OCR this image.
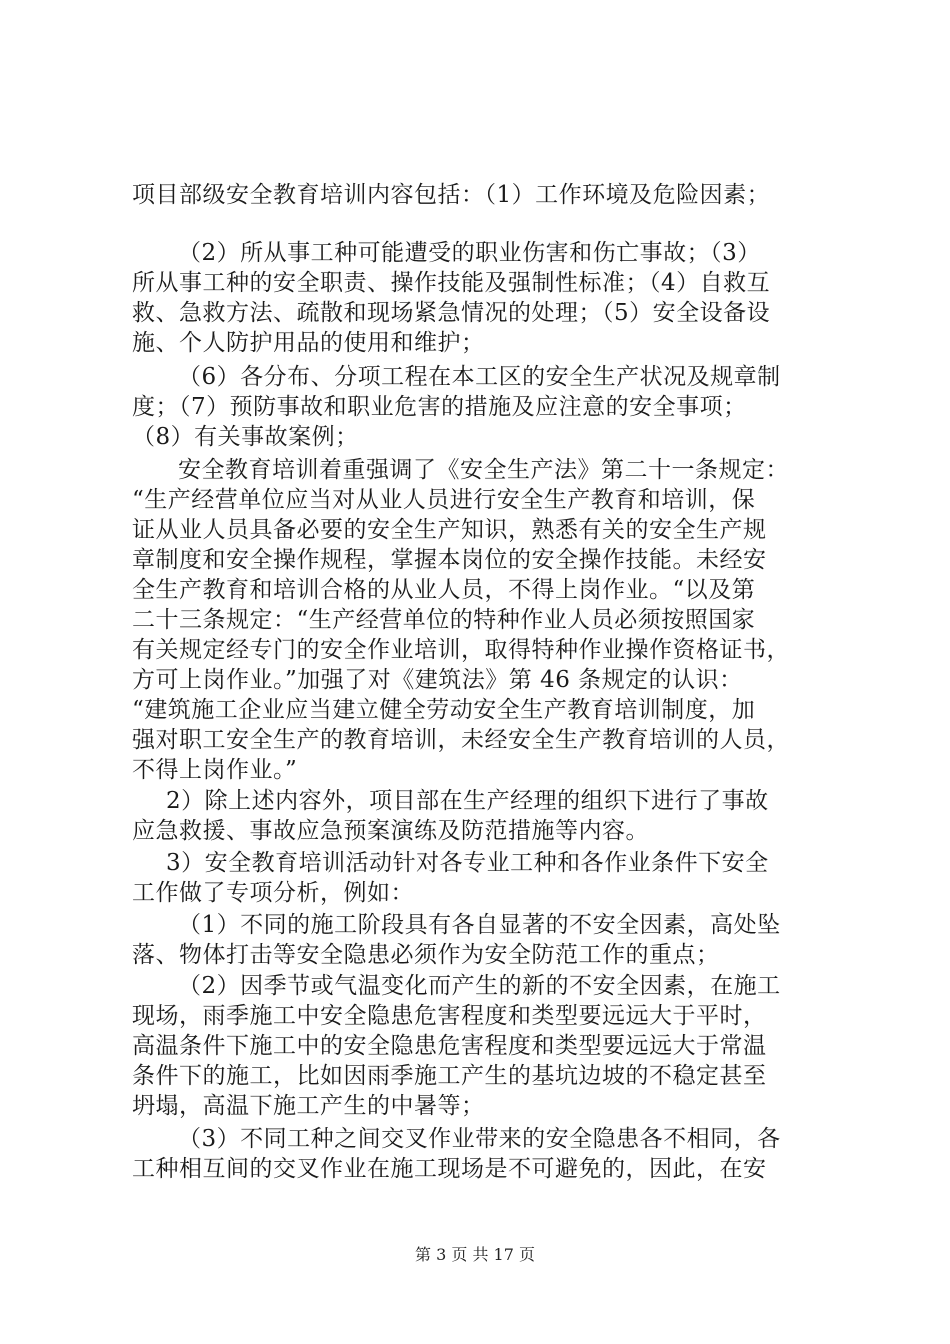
项目部级安全教育培训内容包括：（1）工作环境及危险因素；
（2）所从事工种可能遭受的职业伤害和伤亡事故；（3）
所从事工种的安全职责、操作技能及强制性标准；（4）自救互
救、急救方法、疏散和现场紧急情况的处理；（5）安全设备设
施、个人防护用品的使用和维护；
（6）各分布、分项工程在本工区的安全生产状况及规章制
度；（7）预防事故和职业危害的措施及应注意的安全事项；
（8）有关事故案例；
安全教育培训着重强调了《安全生产法》第二十一条规定：
“生产经营单位应当对从业人员进行安全生产教育和培训，保
证从业人员具备必要的安全生产知识，熟悉有关的安全生产规
章制度和安全操作规程，掌握本岗位的安全操作技能。未经安
全生产教育和培训合格的从业人员，不得上岗作业。“以及第
二十三条规定：“生产经营单位的特种作业人员必须按照国家
有关规定经专门的安全作业培训，取得特种作业操作资格证书，
方可上岗作业。”加强了对《建筑法》第 46 条规定的认识：
“建筑施工企业应当建立健全劳动安全生产教育培训制度，加
强对职工安全生产的教育培训，未经安全生产教育培训的人员，
不得上岗作业。”
2）除上述内容外，项目部在生产经理的组织下进行了事故
应急救援、事故应急预案演练及防范措施等内容。
3）安全教育培训活动针对各专业工种和各作业条件下安全
工作做了专项分析，例如：
（1）不同的施工阶段具有各自显著的不安全因素，高处坠
落、物体打击等安全隐患必须作为安全防范工作的重点；
（2）因季节或气温变化而产生的新的不安全因素，在施工
现场，雨季施工中安全隐患危害程度和类型要远远大于平时，
高温条件下施工中的安全隐患危害程度和类型要远远大于常温
条件下的施工，比如因雨季施工产生的基坑边坡的不稳定甚至
坍塌，高温下施工产生的中暑等；
（3）不同工种之间交叉作业带来的安全隐患各不相同，各
工种相互间的交叉作业在施工现场是不可避免的，因此，在安
第 3 页 共 17 页
